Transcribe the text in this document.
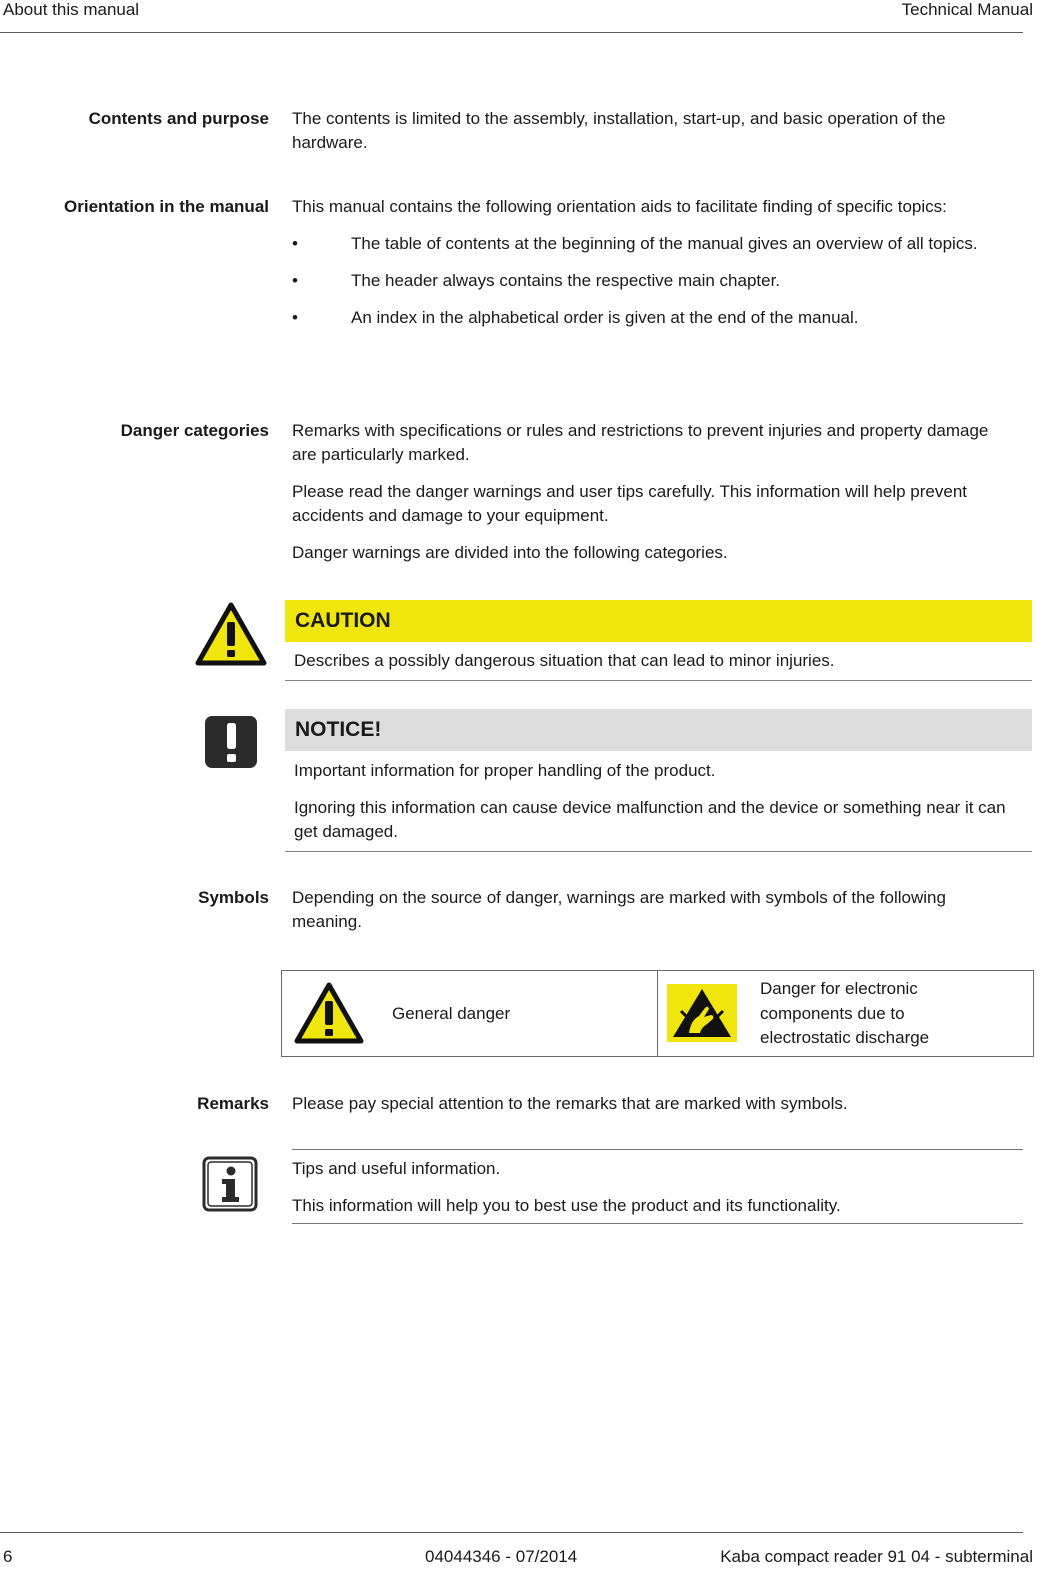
About this manual	Technical Manual
Contents and purpose The contents is limited to the assembly, installation, start-up, and basic operation of the hardware.

Orientation in the manual This manual contains the following orientation aids to facilitate finding of specific topics:

•	The table of contents at the beginning of the manual gives an overview of all topics.
•	The header always contains the respective main chapter.
•	An index in the alphabetical order is given at the end of the manual.
Danger categories Remarks with specifications or rules and restrictions to prevent injuries and property damage are particularly marked.

Please read the danger warnings and user tips carefully. This information will help prevent accidents and damage to your equipment.

Danger warnings are divided into the following categories.

CAUTION

Describes a possibly dangerous situation that can lead to minor injuries.

NOTICE!

Important information for proper handling of the product.

Ignoring this information can cause device malfunction and the device or something near it can get damaged.

Symbols Depending on the source of danger, warnings are marked with symbols of the following meaning.

General danger

Danger for electronic
components due to
electrostatic discharge
Remarks Please pay special attention to the remarks that are marked with symbols.

Tips and useful information.

This information will help you to best use the product and its functionality.

6	04044346 - 07/2014	Kaba compact reader 91 04 - subterminal
